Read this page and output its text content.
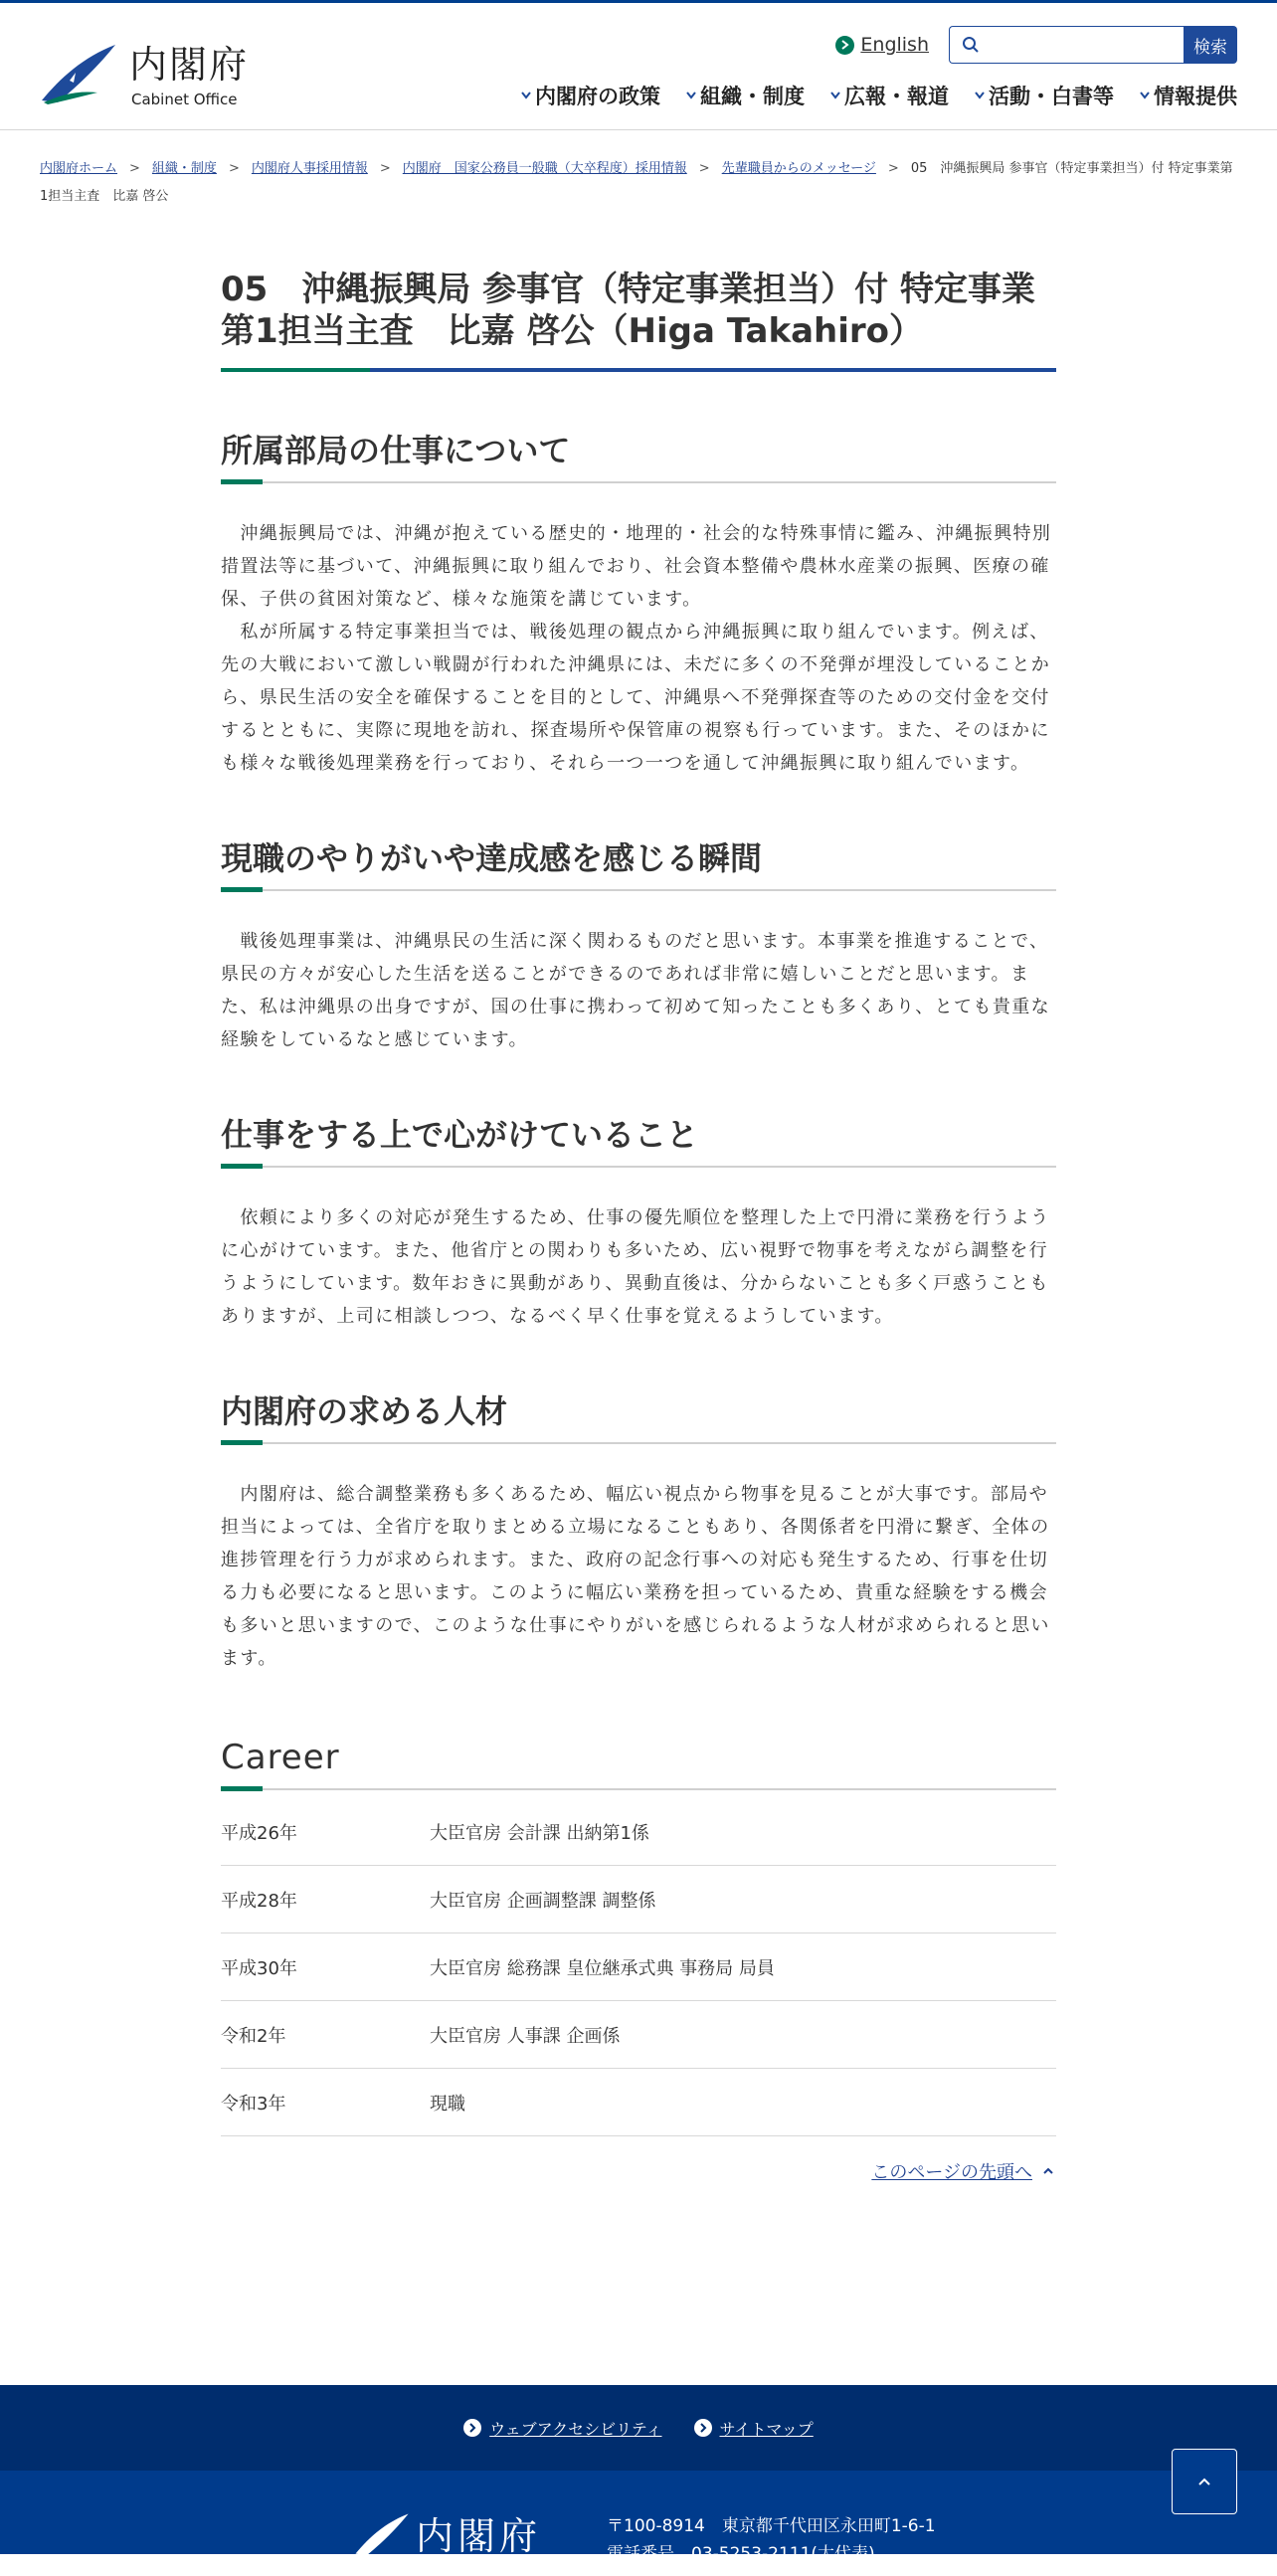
内閣府
Cabinet Office
English	検索
内閣府の政策 組織・制度 広報・報道 活動・白書等 情報提供
内閣府ホーム > 組織・制度 > 内閣府人事採用情報 > 内閣府　国家公務員一般職（大卒程度）採用情報 > 先輩職員からのメッセージ > 05　沖縄振興局 参事官（特定事業担当）付 特定事業第1担当主査　比嘉 啓公
05　沖縄振興局 参事官（特定事業担当）付 特定事業第1担当主査　比嘉 啓公（Higa Takahiro）
所属部局の仕事について

　沖縄振興局では、沖縄が抱えている歴史的・地理的・社会的な特殊事情に鑑み、沖縄振興特別措置法等に基づいて、沖縄振興に取り組んでおり、社会資本整備や農林水産業の振興、医療の確保、子供の貧困対策など、様々な施策を講じています。
　私が所属する特定事業担当では、戦後処理の観点から沖縄振興に取り組んでいます。例えば、先の大戦において激しい戦闘が行われた沖縄県には、未だに多くの不発弾が埋没していることから、県民生活の安全を確保することを目的として、沖縄県へ不発弾探査等のための交付金を交付するとともに、実際に現地を訪れ、探査場所や保管庫の視察も行っています。また、そのほかにも様々な戦後処理業務を行っており、それら一つ一つを通して沖縄振興に取り組んでいます。

現職のやりがいや達成感を感じる瞬間

　戦後処理事業は、沖縄県民の生活に深く関わるものだと思います。本事業を推進することで、県民の方々が安心した生活を送ることができるのであれば非常に嬉しいことだと思います。また、私は沖縄県の出身ですが、国の仕事に携わって初めて知ったことも多くあり、とても貴重な経験をしているなと感じています。

仕事をする上で心がけていること

　依頼により多くの対応が発生するため、仕事の優先順位を整理した上で円滑に業務を行うように心がけています。また、他省庁との関わりも多いため、広い視野で物事を考えながら調整を行うようにしています。数年おきに異動があり、異動直後は、分からないことも多く戸惑うこともありますが、上司に相談しつつ、なるべく早く仕事を覚えるようしています。

内閣府の求める人材

　内閣府は、総合調整業務も多くあるため、幅広い視点から物事を見ることが大事です。部局や担当によっては、全省庁を取りまとめる立場になることもあり、各関係者を円滑に繋ぎ、全体の進捗管理を行う力が求められます。また、政府の記念行事への対応も発生するため、行事を仕切る力も必要になると思います。このように幅広い業務を担っているため、貴重な経験をする機会も多いと思いますので、このような仕事にやりがいを感じられるような人材が求められると思います。

Career
平成26年	大臣官房 会計課 出納第1係
平成28年	大臣官房 企画調整課 調整係
平成30年	大臣官房 総務課 皇位継承式典 事務局 局員
令和2年	大臣官房 人事課 企画係
令和3年	現職
このページの先頭へ
ウェブアクセシビリティ	サイトマップ
内閣府	〒100-8914　東京都千代田区永田町1-6-1
電話番号　03-5253-2111(大代表)
